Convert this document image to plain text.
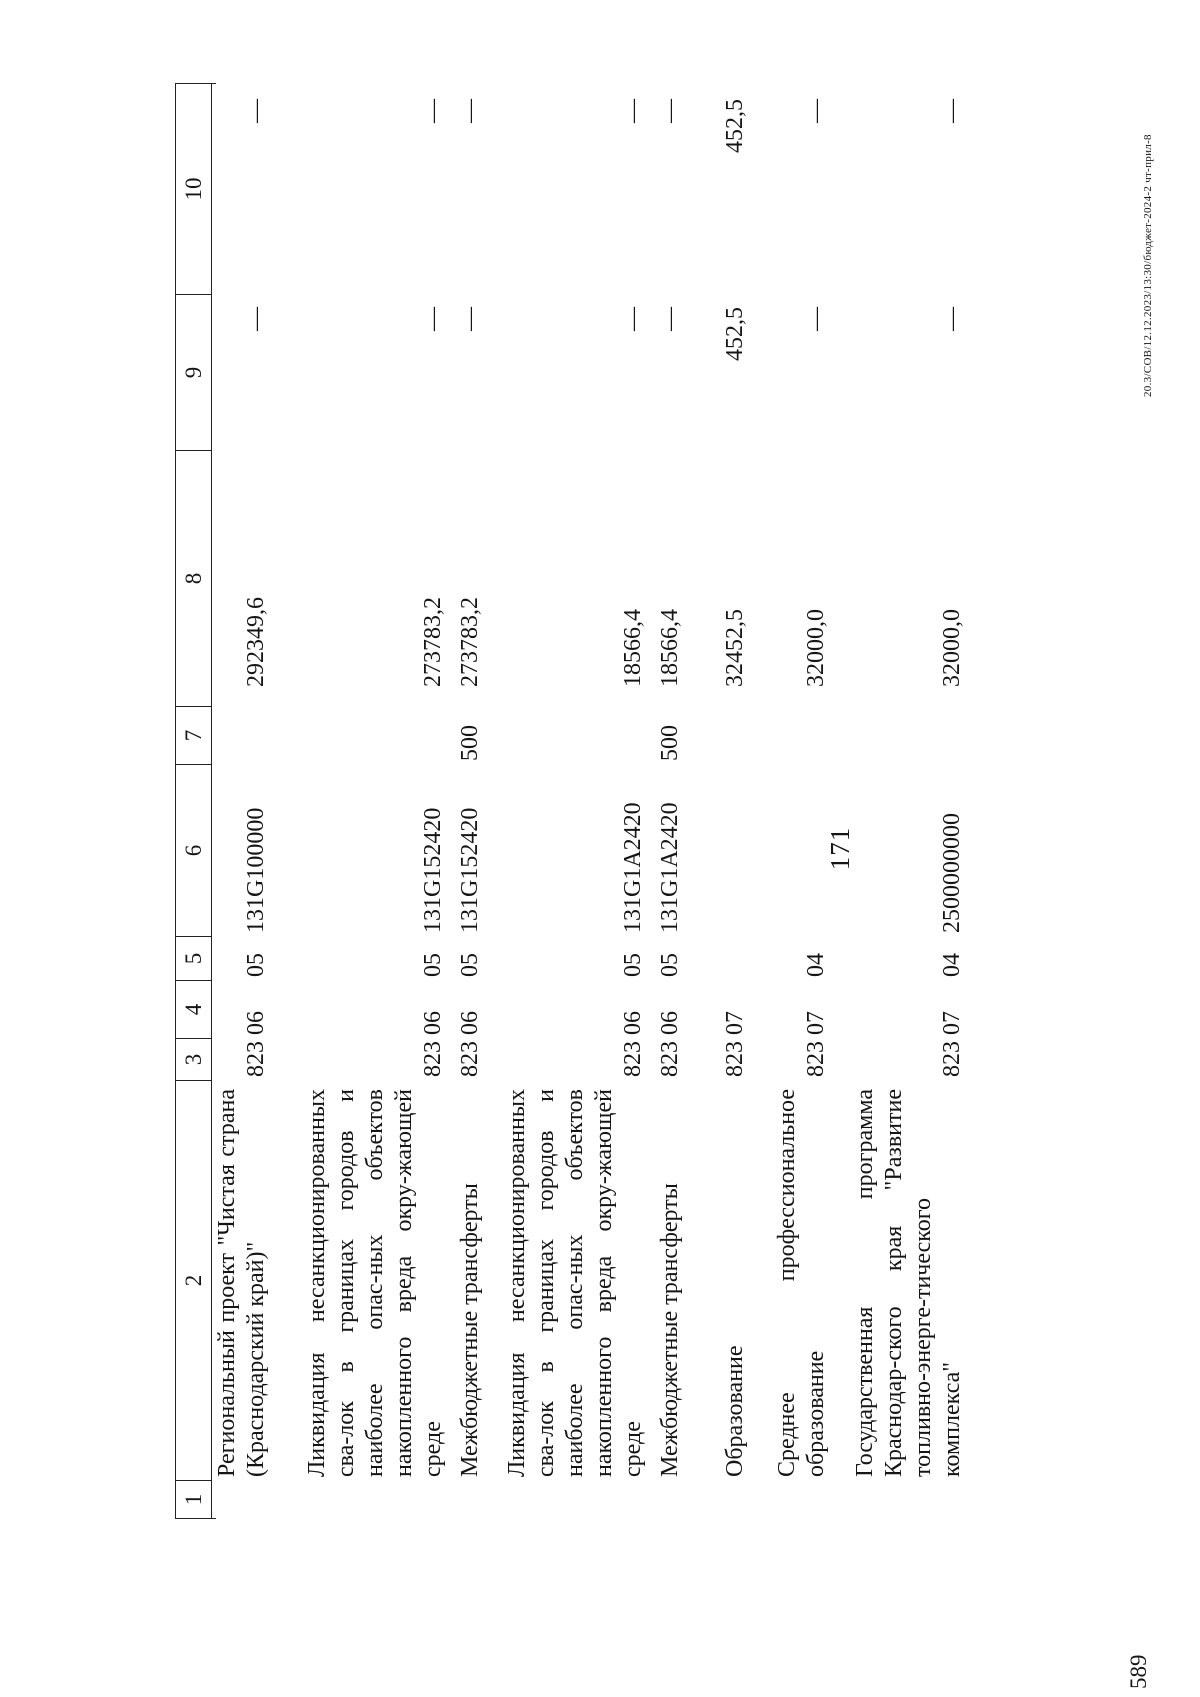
171
1
2
3
4
5
6
7
8
9
10
Региональный проект "Чистая страна (Краснодарский край)"
823
06
05
131G100000
292349,6
—
—
Ликвидация несанкционированных сва-лок в границах городов и наиболее опас-ных объектов накопленного вреда окру-жающей среде
823
06
05
131G152420
273783,2
—
—
Межбюджетные трансферты
823
06
05
131G152420
500
273783,2
—
—
Ликвидация несанкционированных сва-лок в границах городов и наиболее опас-ных объектов накопленного вреда окру-жающей среде
823
06
05
131G1A2420
18566,4
—
—
Межбюджетные трансферты
823
06
05
131G1A2420
500
18566,4
—
—
Образование
823
07
32452,5
452,5
452,5
Среднее профессиональное образование
823
07
04
32000,0
—
—
Государственная программа Краснодар-ского края "Развитие топливно-энерге-тического комплекса"
823
07
04
2500000000
32000,0
—
—
20.3/СОВ/12.12.2023/13:30/бюджет-2024-2 чт-прил-8
589
